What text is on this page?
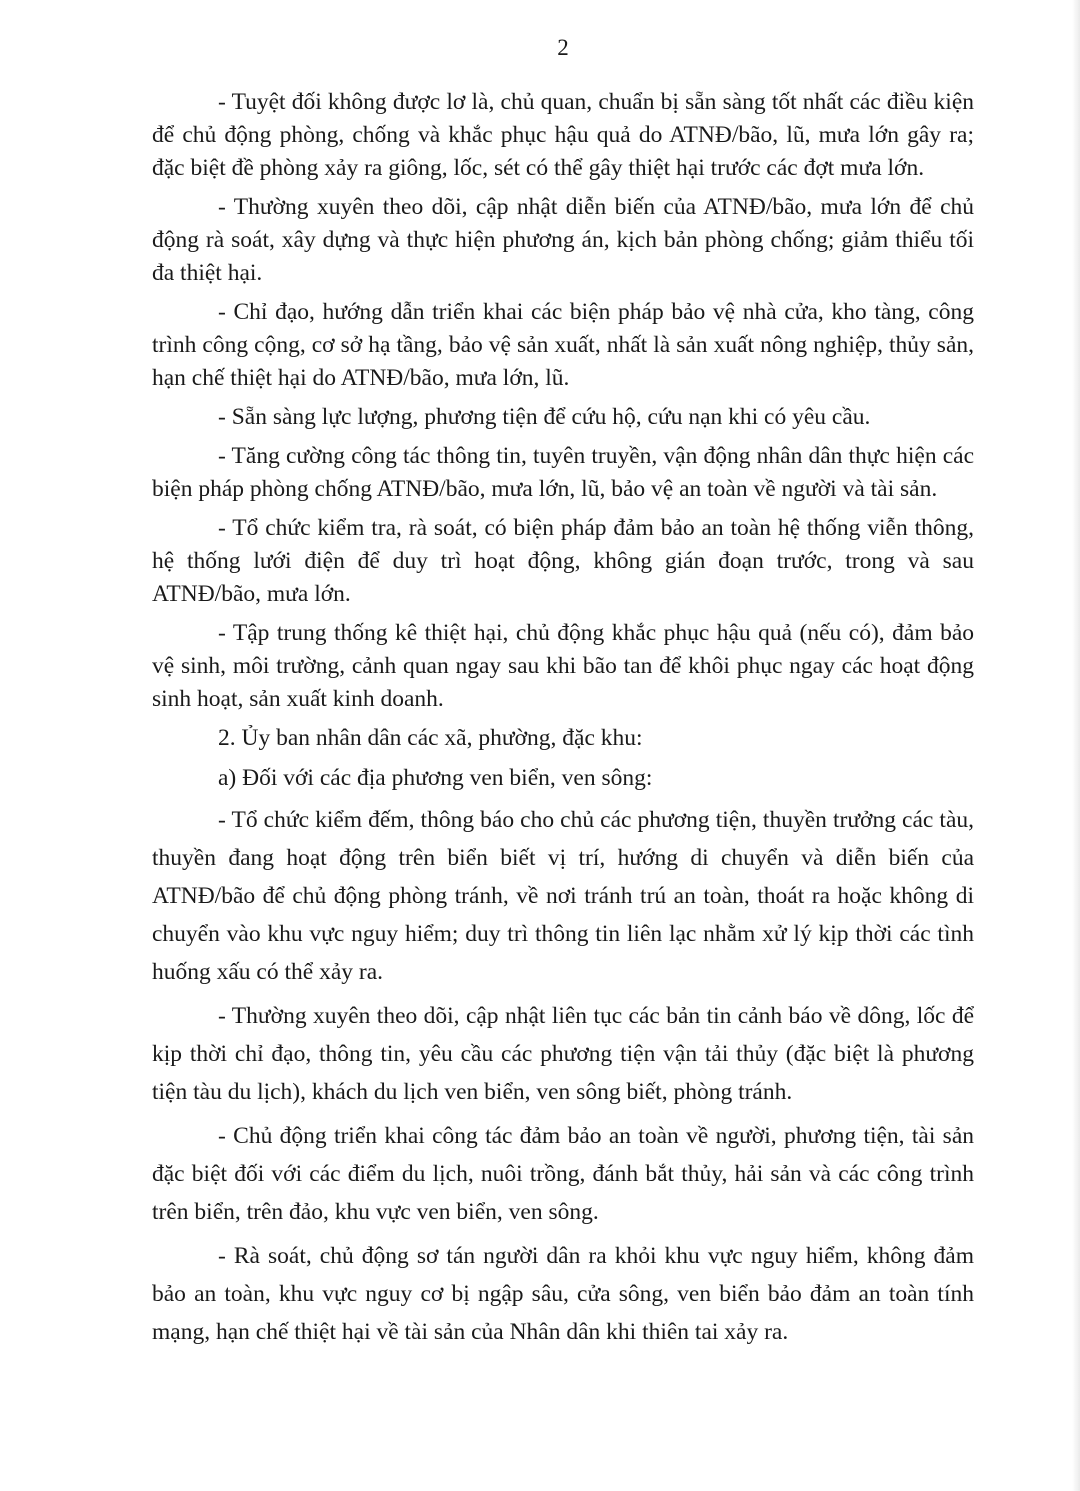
2

- Tuyệt đối không được lơ là, chủ quan, chuẩn bị sẵn sàng tốt nhất các điều kiện để chủ động phòng, chống và khắc phục hậu quả do ATNĐ/bão, lũ, mưa lớn gây ra; đặc biệt đề phòng xảy ra giông, lốc, sét có thể gây thiệt hại trước các đợt mưa lớn.

- Thường xuyên theo dõi, cập nhật diễn biến của ATNĐ/bão, mưa lớn để chủ động rà soát, xây dựng và thực hiện phương án, kịch bản phòng chống; giảm thiểu tối đa thiệt hại.

- Chỉ đạo, hướng dẫn triển khai các biện pháp bảo vệ nhà cửa, kho tàng, công trình công cộng, cơ sở hạ tầng, bảo vệ sản xuất, nhất là sản xuất nông nghiệp, thủy sản, hạn chế thiệt hại do ATNĐ/bão, mưa lớn, lũ.

- Sẵn sàng lực lượng, phương tiện để cứu hộ, cứu nạn khi có yêu cầu.

- Tăng cường công tác thông tin, tuyên truyền, vận động nhân dân thực hiện các biện pháp phòng chống ATNĐ/bão, mưa lớn, lũ, bảo vệ an toàn về người và tài sản.

- Tổ chức kiểm tra, rà soát, có biện pháp đảm bảo an toàn hệ thống viễn thông, hệ thống lưới điện để duy trì hoạt động, không gián đoạn trước, trong và sau ATNĐ/bão, mưa lớn.

- Tập trung thống kê thiệt hại, chủ động khắc phục hậu quả (nếu có), đảm bảo vệ sinh, môi trường, cảnh quan ngay sau khi bão tan để khôi phục ngay các hoạt động sinh hoạt, sản xuất kinh doanh.

2. Ủy ban nhân dân các xã, phường, đặc khu:

a) Đối với các địa phương ven biển, ven sông:

- Tổ chức kiểm đếm, thông báo cho chủ các phương tiện, thuyền trưởng các tàu, thuyền đang hoạt động trên biển biết vị trí, hướng di chuyển và diễn biến của ATNĐ/bão để chủ động phòng tránh, về nơi tránh trú an toàn, thoát ra hoặc không di chuyển vào khu vực nguy hiểm; duy trì thông tin liên lạc nhằm xử lý kịp thời các tình huống xấu có thể xảy ra.

- Thường xuyên theo dõi, cập nhật liên tục các bản tin cảnh báo về dông, lốc để kịp thời chỉ đạo, thông tin, yêu cầu các phương tiện vận tải thủy (đặc biệt là phương tiện tàu du lịch), khách du lịch ven biển, ven sông biết, phòng tránh.

- Chủ động triển khai công tác đảm bảo an toàn về người, phương tiện, tài sản đặc biệt đối với các điểm du lịch, nuôi trồng, đánh bắt thủy, hải sản và các công trình trên biển, trên đảo, khu vực ven biển, ven sông.

- Rà soát, chủ động sơ tán người dân ra khỏi khu vực nguy hiểm, không đảm bảo an toàn, khu vực nguy cơ bị ngập sâu, cửa sông, ven biển bảo đảm an toàn tính mạng, hạn chế thiệt hại về tài sản của Nhân dân khi thiên tai xảy ra.
